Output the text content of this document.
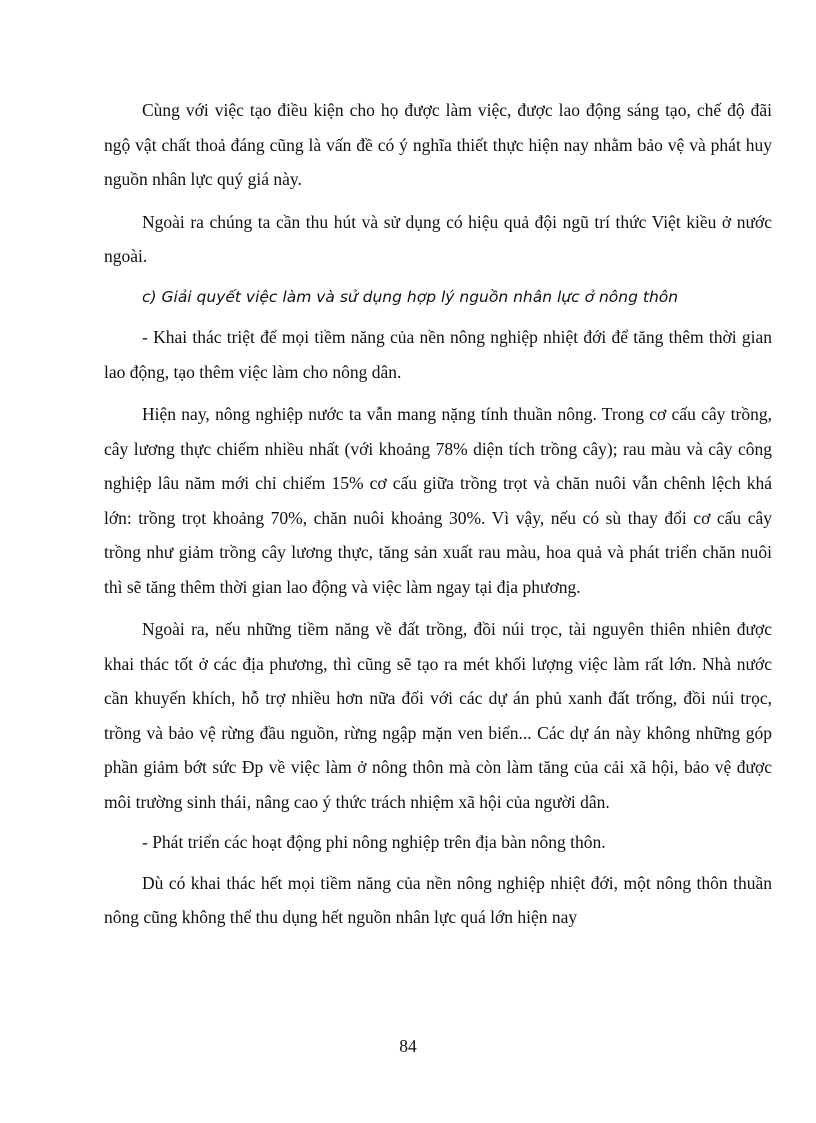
Cùng với việc tạo điều kiện cho họ được làm việc, được lao động sáng tạo, chế độ đãi ngộ vật chất thoả đáng cũng là vấn đề có ý nghĩa thiết thực hiện nay nhằm bảo vệ và phát huy nguồn nhân lực quý giá này.

Ngoài ra chúng ta cần thu hút và sử dụng có hiệu quả đội ngũ trí thức Việt kiều ở nước ngoài.

c) Giải quyết việc làm và sử dụng hợp lý nguồn nhân lực ở nông thôn

- Khai thác triệt để mọi tiềm năng của nền nông nghiệp nhiệt đới để tăng thêm thời gian lao động, tạo thêm việc làm cho nông dân.

Hiện nay, nông nghiệp nước ta vẫn mang nặng tính thuần nông. Trong cơ cấu cây trồng, cây lương thực chiếm nhiều nhất (với khoảng 78% diện tích trồng cây); rau màu và cây công nghiệp lâu năm mới chỉ chiếm 15% cơ cấu giữa trồng trọt và chăn nuôi vẫn chênh lệch khá lớn: trồng trọt khoảng 70%, chăn nuôi khoảng 30%. Vì vậy, nếu có sù thay đổi cơ cấu cây trồng như giảm trồng cây lương thực, tăng sản xuất rau màu, hoa quả và phát triển chăn nuôi thì sẽ tăng thêm thời gian lao động và việc làm ngay tại địa phương.

Ngoài ra, nếu những tiềm năng về đất trồng, đồi núi trọc, tài nguyên thiên nhiên được khai thác tốt ở các địa phương, thì cũng sẽ tạo ra mét khối lượng việc làm rất lớn. Nhà nước cần khuyến khích, hỗ trợ nhiều hơn nữa đối với các dự án phủ xanh đất trống, đồi núi trọc, trồng và bảo vệ rừng đầu nguồn, rừng ngập mặn ven biển... Các dự án này không những góp phần giảm bớt sức Ðp về việc làm ở nông thôn mà còn làm tăng của cải xã hội, bảo vệ được môi trường sinh thái, nâng cao ý thức trách nhiệm xã hội của người dân.

- Phát triển các hoạt động phi nông nghiệp trên địa bàn nông thôn.

Dù có khai thác hết mọi tiềm năng của nền nông nghiệp nhiệt đới, một nông thôn thuần nông cũng không thể thu dụng hết nguồn nhân lực quá lớn hiện nay

84
